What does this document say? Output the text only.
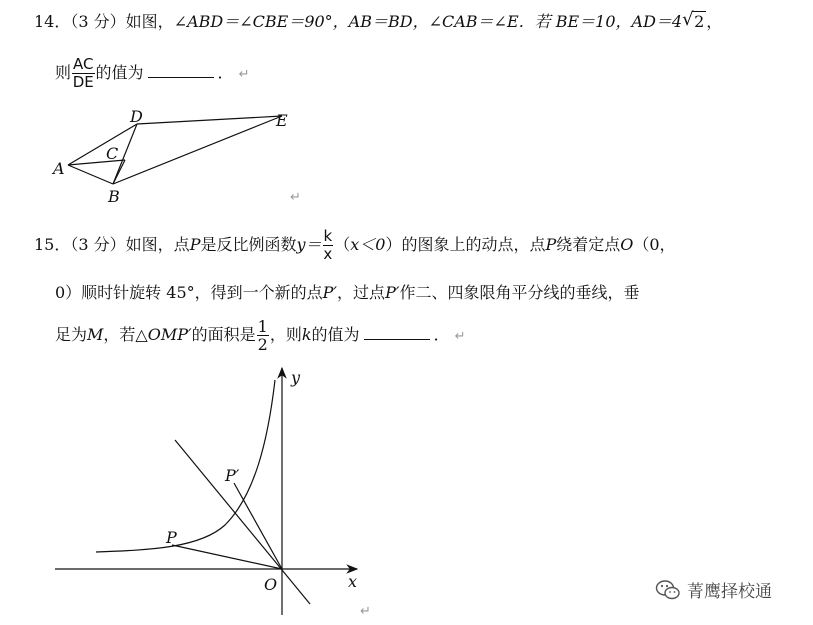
14．（3 分）如图，∠ABD＝∠CBE＝90°，AB＝BD，∠CAB＝∠E．若 BE＝10，AD＝4 √ 2 ，
则 $\frac{AC}{DE}$ 的值为	． ↵
A
B
C
D	E
↵
15．（3 分）如图，点P是反比例函数$y= \frac{k}{x} (x<0)$的图象上的动点，点P绕着定点O（0，
0）顺时针旋转 45°，得到一个新的点P′，过点P′作二、四象限角平分线的垂线，垂
足为M，若△OMP′的面积是 $\frac{1}{2}$ ，则k的值为	． ↵
y
x
O
P
P′
↵
菁鹰择校通
